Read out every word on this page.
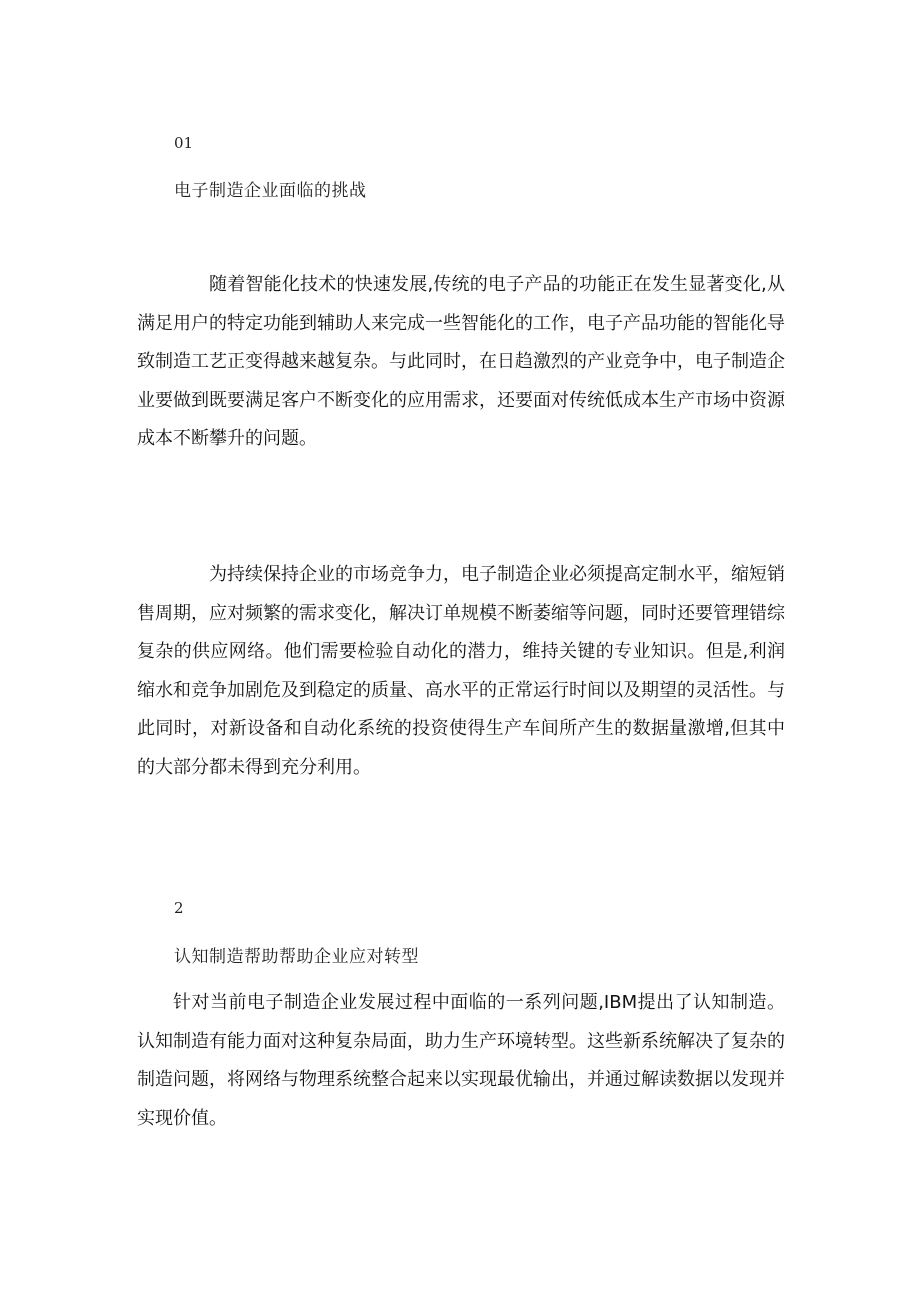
01
电子制造企业面临的挑战

随着智能化技术的快速发展,传统的电子产品的功能正在发生显著变化,从满足用户的特定功能到辅助人来完成一些智能化的工作，电子产品功能的智能化导致制造工艺正变得越来越复杂。与此同时，在日趋激烈的产业竞争中，电子制造企业要做到既要满足客户不断变化的应用需求，还要面对传统低成本生产市场中资源成本不断攀升的问题。

为持续保持企业的市场竞争力，电子制造企业必须提高定制水平，缩短销售周期，应对频繁的需求变化，解决订单规模不断萎缩等问题，同时还要管理错综复杂的供应网络。他们需要检验自动化的潜力，维持关键的专业知识。但是,利润缩水和竞争加剧危及到稳定的质量、高水平的正常运行时间以及期望的灵活性。与此同时，对新设备和自动化系统的投资使得生产车间所产生的数据量激增,但其中的大部分都未得到充分利用。

2
认知制造帮助帮助企业应对转型

针对当前电子制造企业发展过程中面临的一系列问题,IBM提出了认知制造。认知制造有能力面对这种复杂局面，助力生产环境转型。这些新系统解决了复杂的制造问题，将网络与物理系统整合起来以实现最优输出，并通过解读数据以发现并实现价值。
